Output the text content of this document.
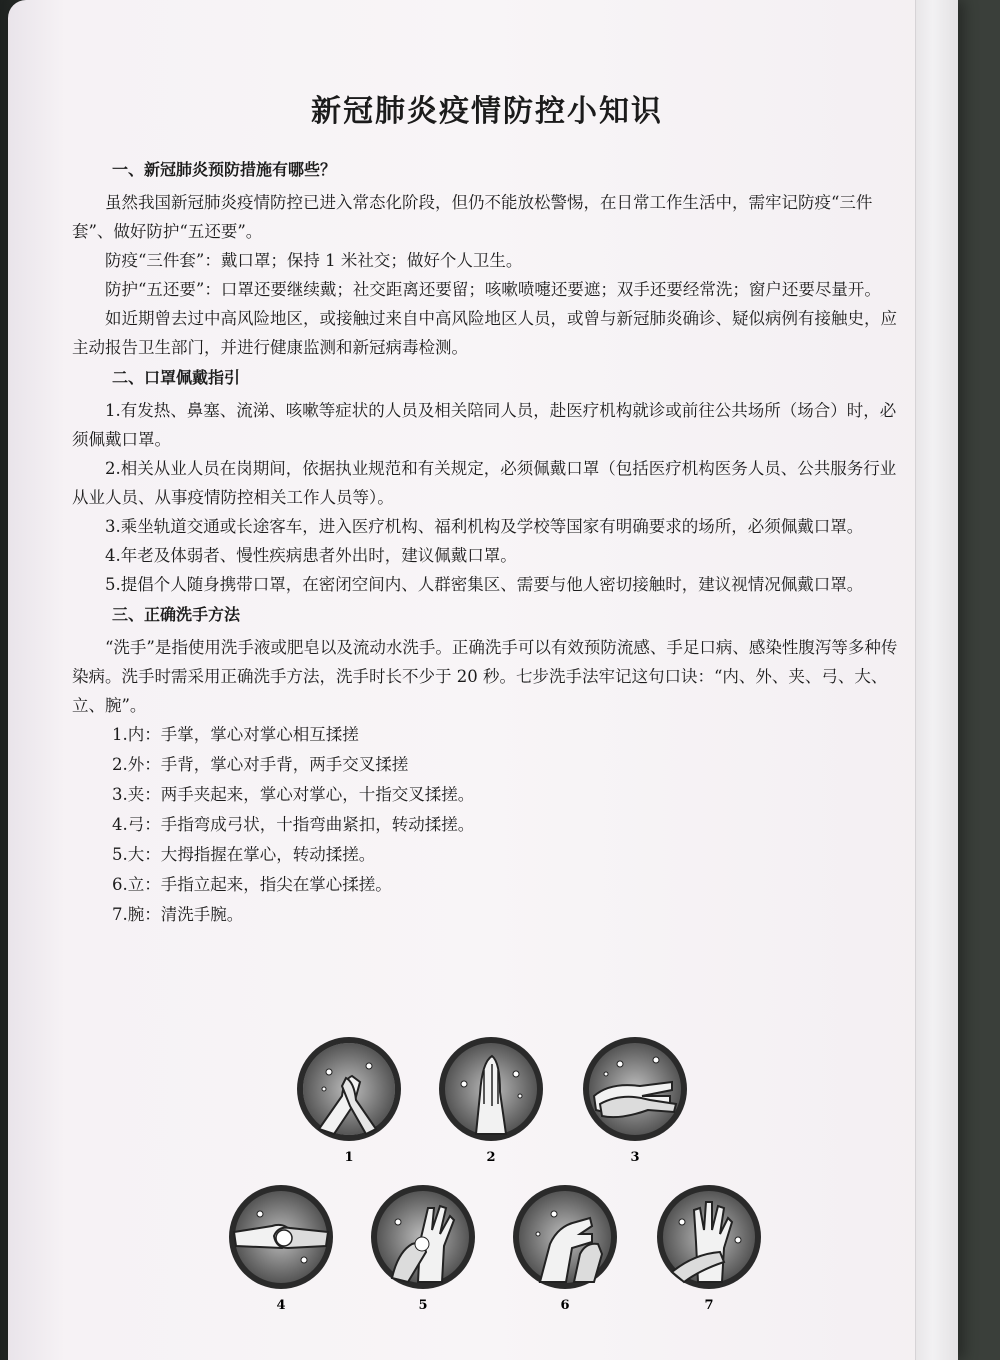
新冠肺炎疫情防控小知识
一、新冠肺炎预防措施有哪些？

虽然我国新冠肺炎疫情防控已进入常态化阶段，但仍不能放松警惕，在日常工作生活中，需牢记防疫“三件套”、做好防护“五还要”。

防疫“三件套”：戴口罩；保持 1 米社交；做好个人卫生。

防护“五还要”：口罩还要继续戴；社交距离还要留；咳嗽喷嚏还要遮；双手还要经常洗；窗户还要尽量开。

如近期曾去过中高风险地区，或接触过来自中高风险地区人员，或曾与新冠肺炎确诊、疑似病例有接触史，应主动报告卫生部门，并进行健康监测和新冠病毒检测。

二、口罩佩戴指引

1.有发热、鼻塞、流涕、咳嗽等症状的人员及相关陪同人员，赴医疗机构就诊或前往公共场所（场合）时，必须佩戴口罩。

2.相关从业人员在岗期间，依据执业规范和有关规定，必须佩戴口罩（包括医疗机构医务人员、公共服务行业从业人员、从事疫情防控相关工作人员等）。

3.乘坐轨道交通或长途客车，进入医疗机构、福利机构及学校等国家有明确要求的场所，必须佩戴口罩。

4.年老及体弱者、慢性疾病患者外出时，建议佩戴口罩。

5.提倡个人随身携带口罩，在密闭空间内、人群密集区、需要与他人密切接触时，建议视情况佩戴口罩。

三、正确洗手方法

“洗手”是指使用洗手液或肥皂以及流动水洗手。正确洗手可以有效预防流感、手足口病、感染性腹泻等多种传染病。洗手时需采用正确洗手方法，洗手时长不少于 20 秒。七步洗手法牢记这句口诀：“内、外、夹、弓、大、立、腕”。

1.内：手掌，掌心对掌心相互揉搓
2.外：手背，掌心对手背，两手交叉揉搓
3.夹：两手夹起来，掌心对掌心，十指交叉揉搓。
4.弓：手指弯成弓状，十指弯曲紧扣，转动揉搓。
5.大：大拇指握在掌心，转动揉搓。
6.立：手指立起来，指尖在掌心揉搓。
7.腕：清洗手腕。
1	2	3
4	5	6	7
